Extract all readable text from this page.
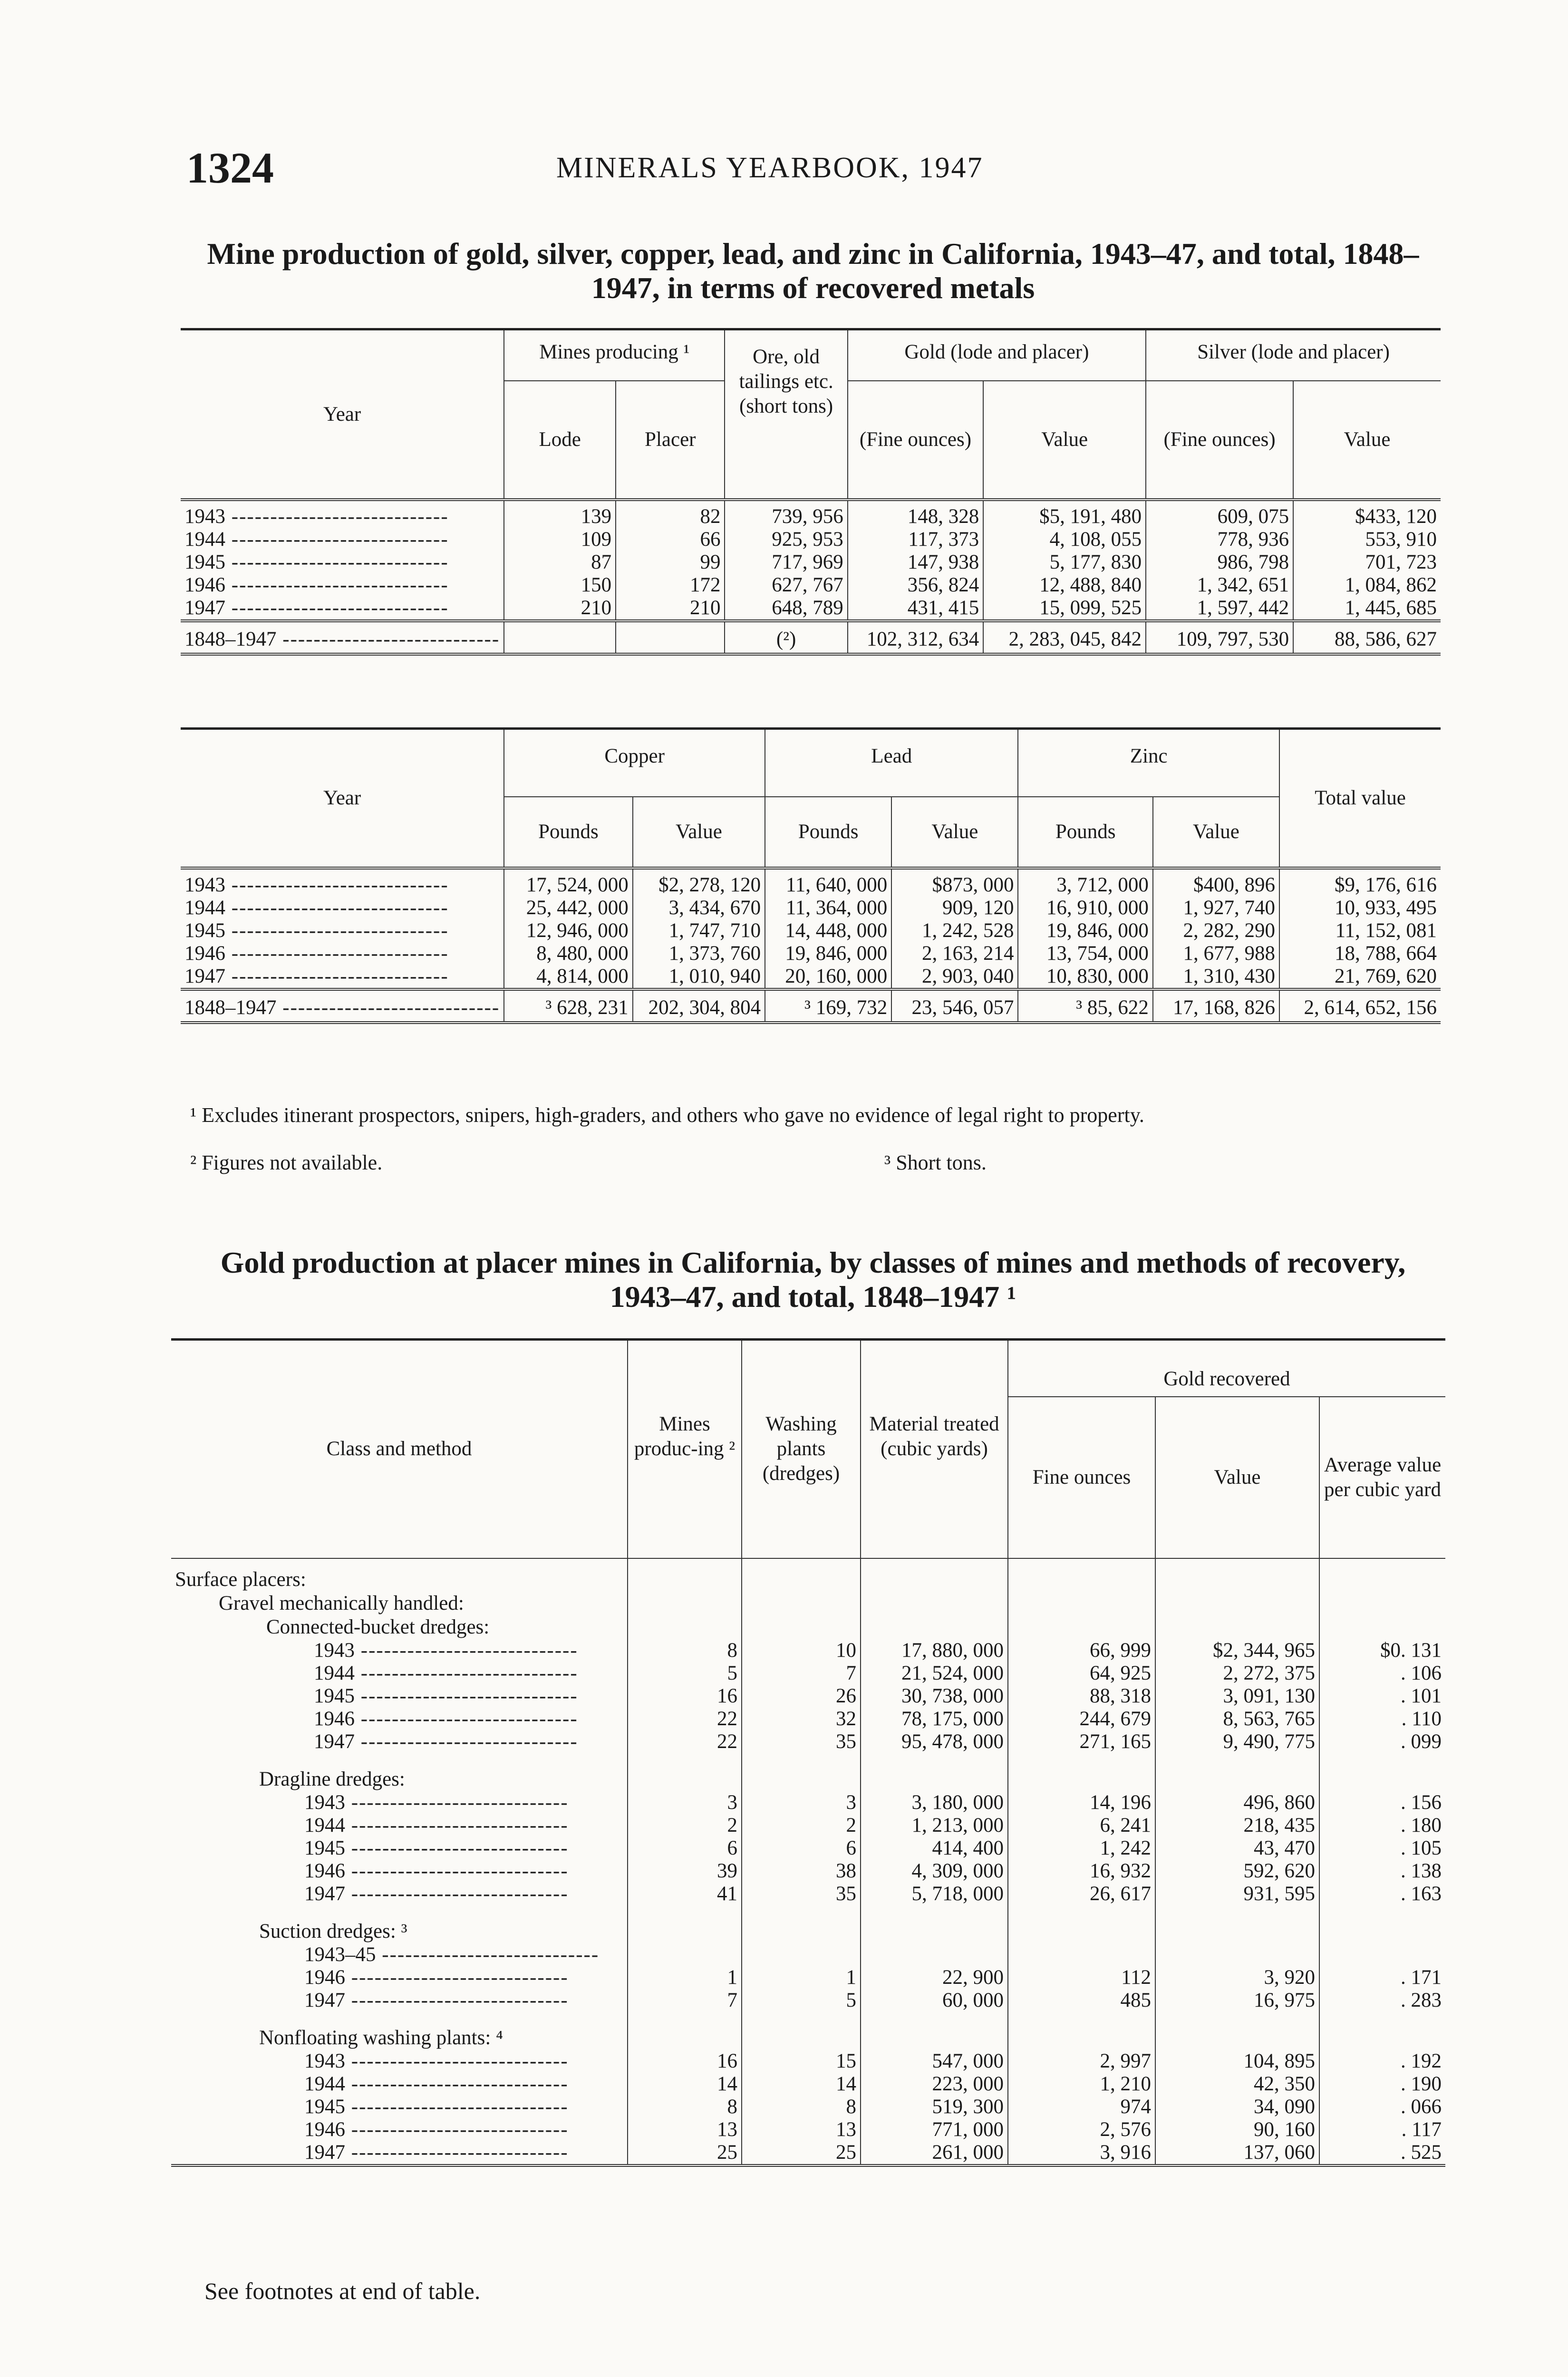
1324	MINERALS YEARBOOK, 1947
Mine production of gold, silver, copper, lead, and zinc in California, 1943–47, and total, 1848–1947, in terms of recovered metals
Year	Mines producing ¹		Ore, old tailings etc. (short tons)	Gold (lode and placer)		Silver (lode and placer)	
	Lode	Placer		(Fine ounces)	Value	(Fine ounces)	Value

1943 -----	139	82	739, 956	148, 328	$5, 191, 480	609, 075	$433, 120
1944 -----	109	66	925, 953	117, 373	4, 108, 055	778, 936	553, 910
1945 -----	87	99	717, 969	147, 938	5, 177, 830	986, 798	701, 723
1946 -----	150	172	627, 767	356, 824	12, 488, 840	1, 342, 651	1, 084, 862
1947 -----	210	210	648, 789	431, 415	15, 099, 525	1, 597, 442	1, 445, 685
1848–1947 -----			(²)	102, 312, 634	2, 283, 045, 842	109, 797, 530	88, 586, 627
Year	Copper		Lead		Zinc		Total value
	Pounds	Value	Pounds	Value	Pounds	Value	

1943 -----	17, 524, 000	$2, 278, 120	11, 640, 000	$873, 000	3, 712, 000	$400, 896	$9, 176, 616
1944 -----	25, 442, 000	3, 434, 670	11, 364, 000	909, 120	16, 910, 000	1, 927, 740	10, 933, 495
1945 -----	12, 946, 000	1, 747, 710	14, 448, 000	1, 242, 528	19, 846, 000	2, 282, 290	11, 152, 081
1946 -----	8, 480, 000	1, 373, 760	19, 846, 000	2, 163, 214	13, 754, 000	1, 677, 988	18, 788, 664
1947 -----	4, 814, 000	1, 010, 940	20, 160, 000	2, 903, 040	10, 830, 000	1, 310, 430	21, 769, 620
1848–1947 -----	³ 628, 231	202, 304, 804	³ 169, 732	23, 546, 057	³ 85, 622	17, 168, 826	2, 614, 652, 156
¹ Excludes itinerant prospectors, snipers, high-graders, and others who gave no evidence of legal right to property.
² Figures not available.	³ Short tons.
Gold production at placer mines in California, by classes of mines and methods of recovery, 1943–47, and total, 1848–1947 ¹
Class and method	Mines produc-ing ²	Washing plants (dredges)	Material treated (cubic yards)	Gold recovered		
				Fine ounces	Value	Average value per cubic yard

Surface placers:						
Gravel mechanically handled:						
Connected-bucket dredges:						
1943 -----	8	10	17, 880, 000	66, 999	$2, 344, 965	$0. 131
1944 -----	5	7	21, 524, 000	64, 925	2, 272, 375	. 106
1945 -----	16	26	30, 738, 000	88, 318	3, 091, 130	. 101
1946 -----	22	32	78, 175, 000	244, 679	8, 563, 765	. 110
1947 -----	22	35	95, 478, 000	271, 165	9, 490, 775	. 099

Dragline dredges:						
1943 -----	3	3	3, 180, 000	14, 196	496, 860	. 156
1944 -----	2	2	1, 213, 000	6, 241	218, 435	. 180
1945 -----	6	6	414, 400	1, 242	43, 470	. 105
1946 -----	39	38	4, 309, 000	16, 932	592, 620	. 138
1947 -----	41	35	5, 718, 000	26, 617	931, 595	. 163

Suction dredges: ³						
1943–45 -----						
1946 -----	1	1	22, 900	112	3, 920	. 171
1947 -----	7	5	60, 000	485	16, 975	. 283

Nonfloating washing plants: ⁴						
1943 -----	16	15	547, 000	2, 997	104, 895	. 192
1944 -----	14	14	223, 000	1, 210	42, 350	. 190
1945 -----	8	8	519, 300	974	34, 090	. 066
1946 -----	13	13	771, 000	2, 576	90, 160	. 117
1947 -----	25	25	261, 000	3, 916	137, 060	. 525
See footnotes at end of table.
